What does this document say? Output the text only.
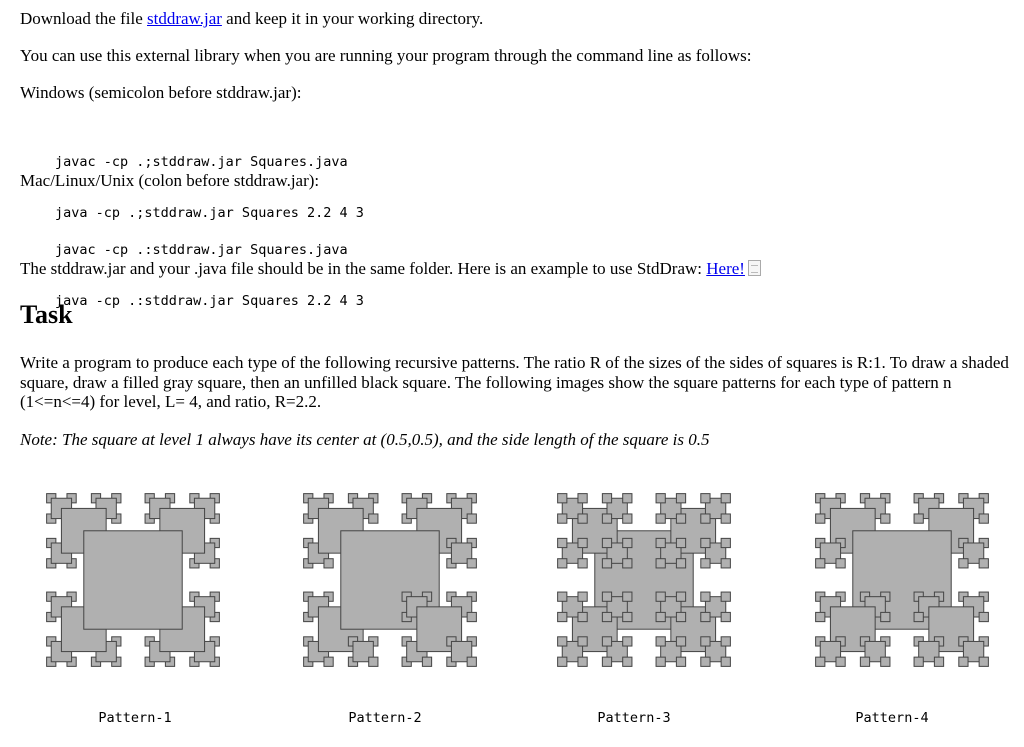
Download the file stddraw.jar and keep it in your working directory.

You can use this external library when you are running your program through the command line as follows:

Windows (semicolon before stddraw.jar):

javac -cp .;stddraw.jar Squares.java

java -cp .;stddraw.jar Squares 2.2 4 3

Mac/Linux/Unix (colon before stddraw.jar):

javac -cp .:stddraw.jar Squares.java

java -cp .:stddraw.jar Squares 2.2 4 3

The stddraw.jar and your .java file should be in the same folder. Here is an example to use StdDraw: Here!

Task

Write a program to produce each type of the following recursive patterns. The ratio R of the sizes of the sides of squares is R:1. To draw a shaded square, draw a filled gray square, then an unfilled black square. The following images show the square patterns for each type of pattern n (1<=n<=4) for level, L= 4, and ratio, R=2.2.

Note: The square at level 1 always have its center at (0.5,0.5), and the side length of the square is 0.5

Pattern-1	Pattern-2	Pattern-3	Pattern-4
